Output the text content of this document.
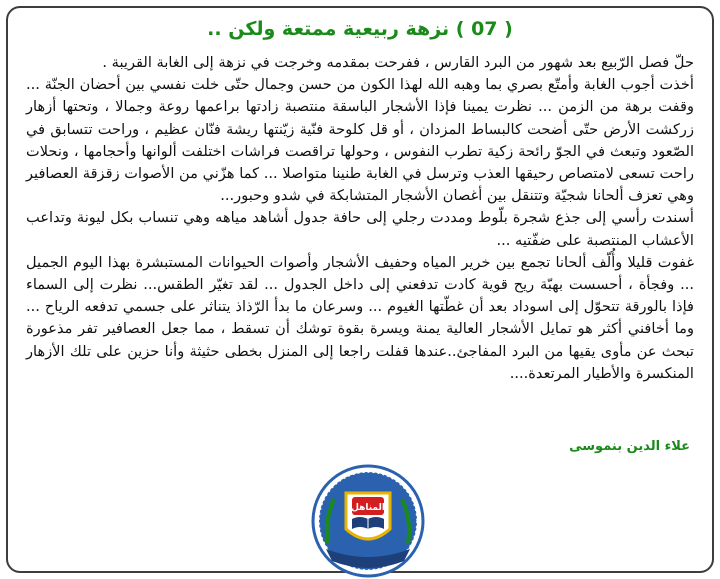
( 07 ) نزهة ربيعية ممتعة ولكن ..

حلّ فصل الرّبيع بعد شهور من البرد القارس ، ففرحت بمقدمه وخرجت في نزهة إلى الغابة القريبة .

أخذت أجوب الغابة وأمتّع بصري بما وهبه الله لهذا الكون من حسن وجمال حتّى خلت نفسي بين أحضان الجنّة ... وقفت برهة من الزمن ... نظرت يمينا فإذا الأشجار الباسقة منتصبة زادتها براعمها روعة وجمالا ، وتحتها أزهار زركشت الأرض حتّى أضحت كالبساط المزدان ، أو قل كلوحة فنّية زيّنتها ريشة فنّان عظيم ، وراحت تتسابق في الصّعود وتبعث في الجوّ رائحة زكية تطرب النفوس ، وحولها تراقصت فراشات اختلفت ألوانها وأحجامها ، ونحلات راحت تسعى لامتصاص رحيقها العذب وترسل في الغابة طنينا متواصلا ... كما هزّني من الأصوات زقزقة العصافير وهي تعزف ألحانا شجيّة وتتنقل بين أغصان الأشجار المتشابكة في شدو وحبور...

أسندت رأسي إلى جذع شجرة بلّوط ومددت رجلي إلى حافة جدول أشاهد مياهه وهي تنساب بكل ليونة وتداعب الأعشاب المنتصبة على ضفّتيه ...

غفوت قليلا وأُلّف ألحانا تجمع بين خرير المياه وحفيف الأشجار وأصوات الحيوانات المستبشرة بهذا اليوم الجميل ... وفجأة ، أحسست بهبّة ريح قوية كادت تدفعني إلى داخل الجدول ... لقد تغيّر الطقس... نظرت إلى السماء فإذا بالورقة تتحوّل إلى اسوداد بعد أن غطّتها الغيوم ... وسرعان ما بدأ الرّذاذ يتناثر على جسمي تدفعه الرياح ... وما أخافني أكثر هو تمايل الأشجار العالية يمنة ويسرة بقوة توشك أن تسقط ، مما جعل العصافير تفر مذعورة تبحث عن مأوى يقيها من البرد المفاجئ..عندها قفلت راجعا إلى المنزل بخطى حثيثة وأنا حزين على تلك الأزهار المنكسرة والأطيار المرتعدة....

علاء الدين بنموسى
المناهل
